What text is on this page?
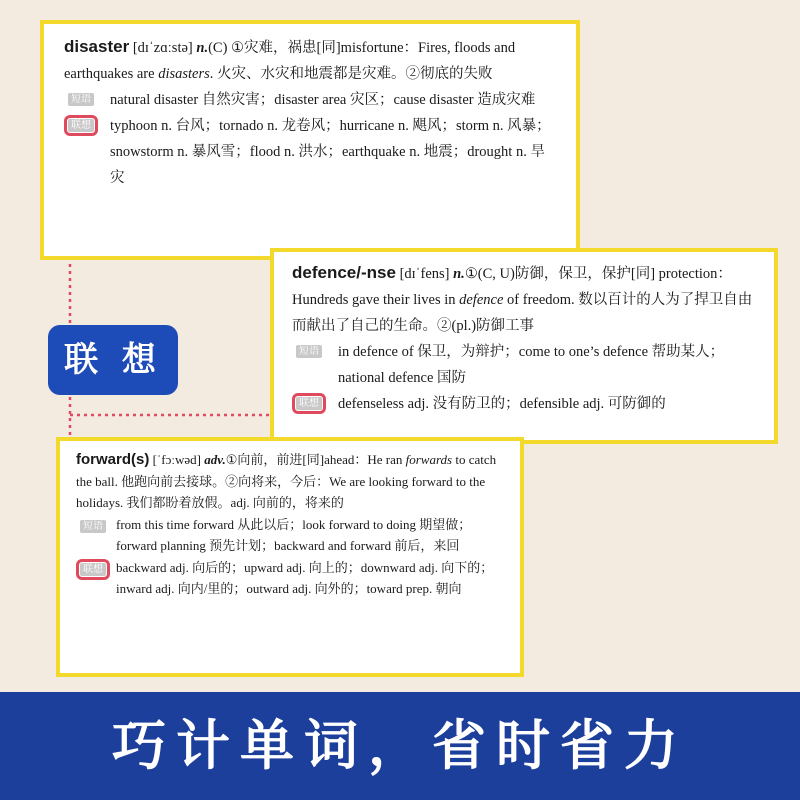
disaster [dɪˈzɑːstə] n.(C) ①灾难，祸患[同]misfortune：Fires, floods and earthquakes are disasters. 火灾、水灾和地震都是灾难。②彻底的失败

短语 natural disaster 自然灾害；disaster area 灾区；cause disaster 造成灾难

联想 typhoon n. 台风；tornado n. 龙卷风；hurricane n. 飓风；storm n. 风暴；snowstorm n. 暴风雪；flood n. 洪水；earthquake n. 地震；drought n. 旱灾

defence/-nse [dɪˈfens] n.①(C, U)防御，保卫，保护[同] protection：Hundreds gave their lives in defence of freedom. 数以百计的人为了捍卫自由而献出了自己的生命。②(pl.)防御工事

短语 in defence of 保卫，为辩护；come to one’s defence 帮助某人；national defence 国防

联想 defenseless adj. 没有防卫的；defensible adj. 可防御的

forward(s) [ˈfɔːwəd] adv.①向前，前进[同]ahead：He ran forwards to catch the ball. 他跑向前去接球。②向将来，今后：We are looking forward to the holidays. 我们都盼着放假。adj. 向前的，将来的

短语 from this time forward 从此以后；look forward to doing 期望做；forward planning 预先计划；backward and forward 前后，来回

联想 backward adj. 向后的；upward adj. 向上的；downward adj. 向下的；inward adj. 向内/里的；outward adj. 向外的；toward prep. 朝向

联 想
巧计单词，省时省力
